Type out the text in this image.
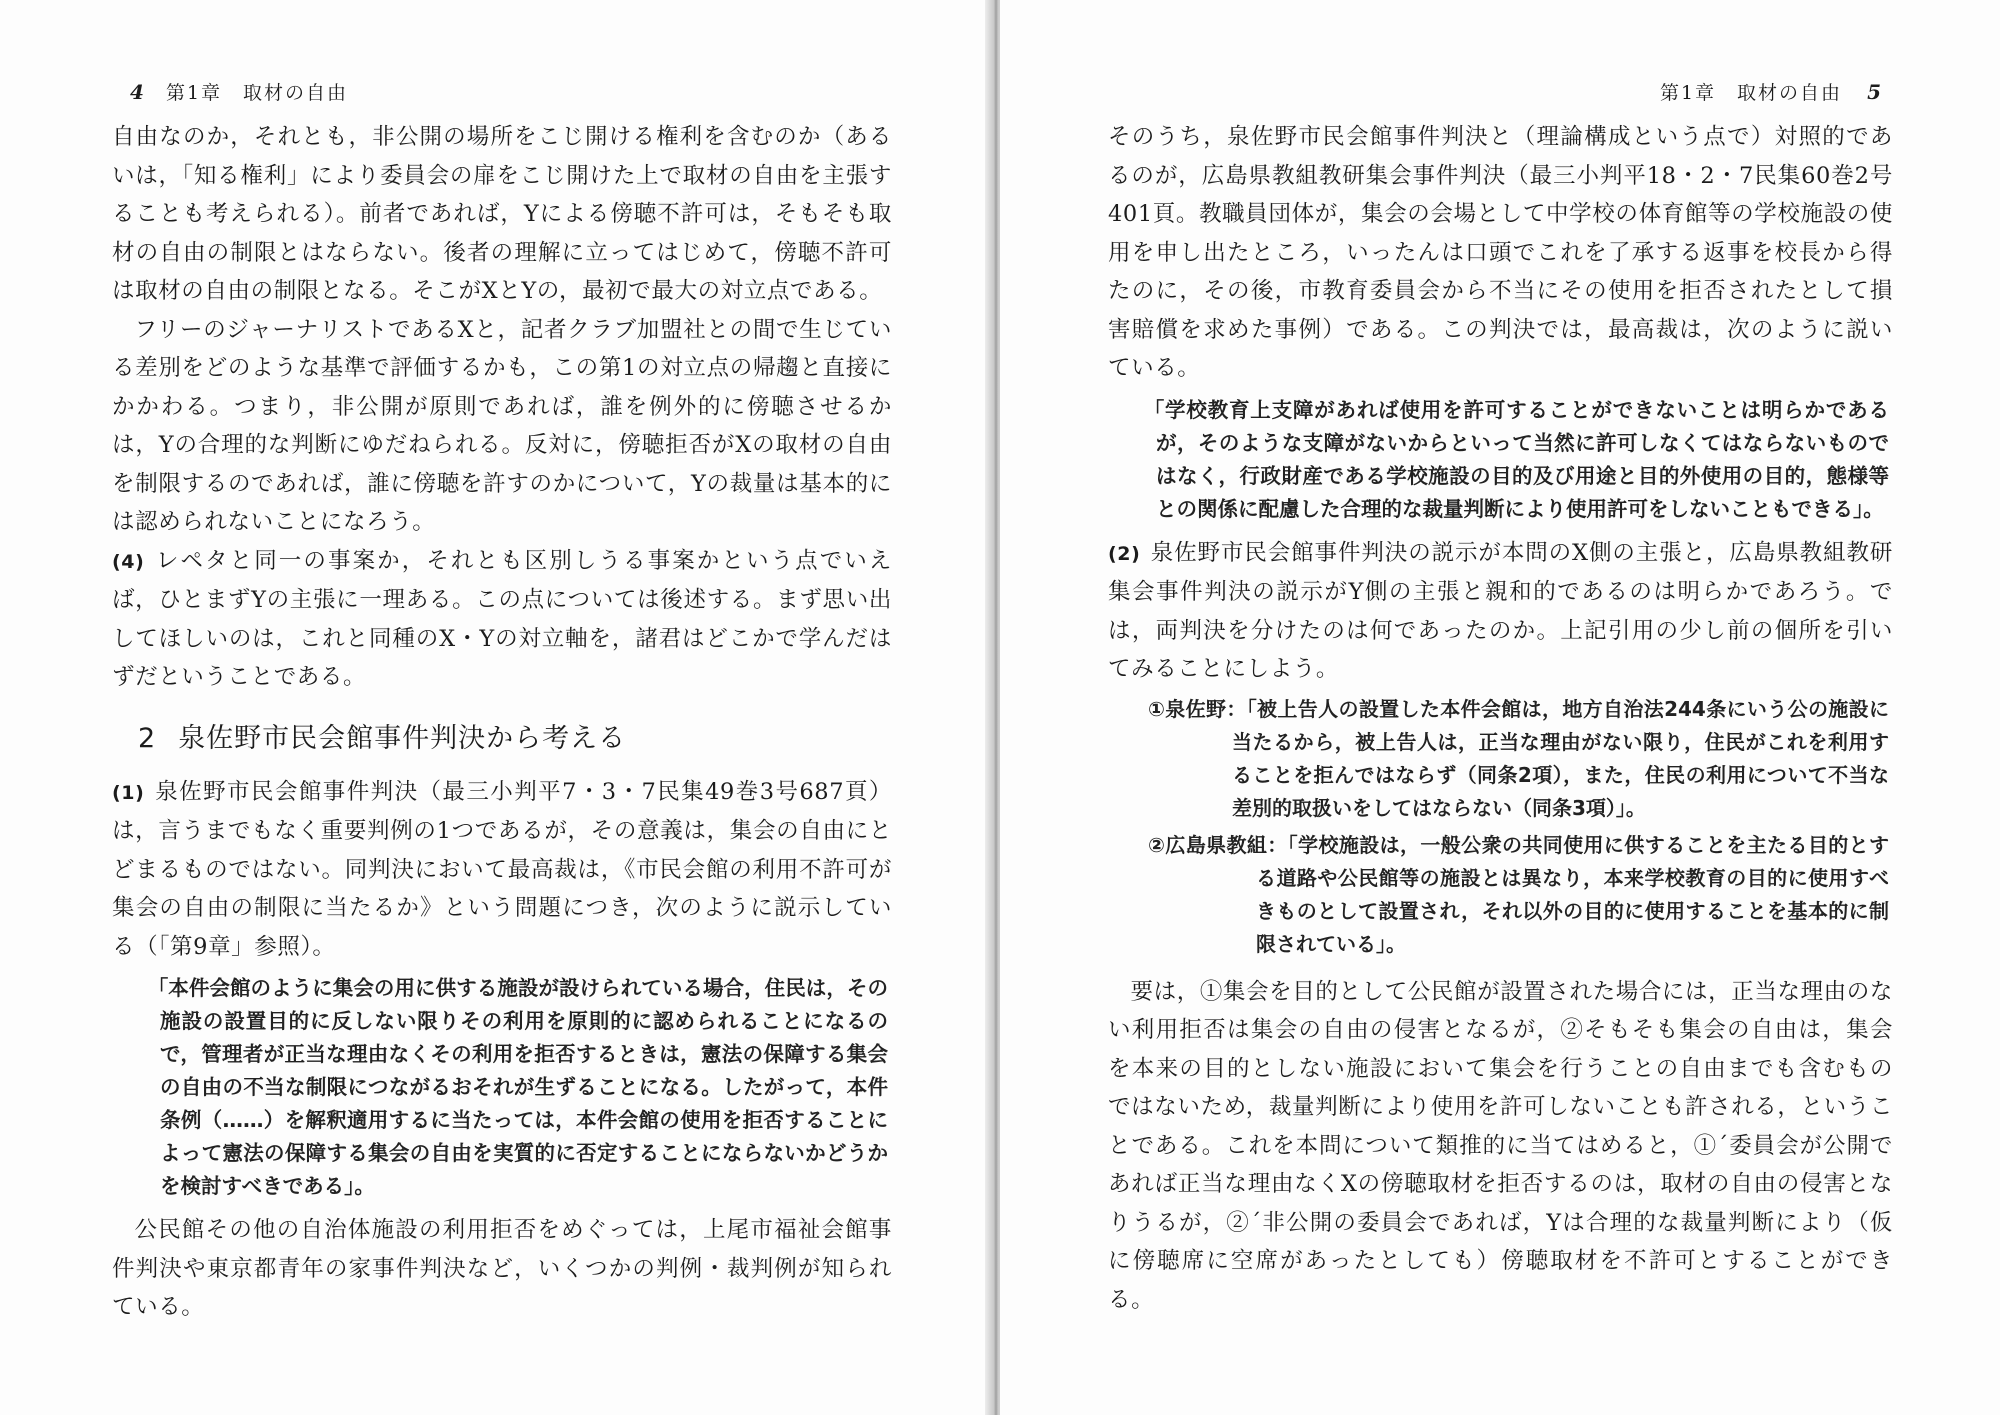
4 第1章　取材の自由

自由なのか，それとも，非公開の場所をこじ開ける権利を含むのか（あるいは，「知る権利」により委員会の扉をこじ開けた上で取材の自由を主張することも考えられる）。前者であれば，Yによる傍聴不許可は，そもそも取材の自由の制限とはならない。後者の理解に立ってはじめて，傍聴不許可は取材の自由の制限となる。そこがXとYの，最初で最大の対立点である。

フリーのジャーナリストであるXと，記者クラブ加盟社との間で生じている差別をどのような基準で評価するかも，この第1の対立点の帰趨と直接にかかわる。つまり，非公開が原則であれば，誰を例外的に傍聴させるかは，Yの合理的な判断にゆだねられる。反対に，傍聴拒否がXの取材の自由を制限するのであれば，誰に傍聴を許すのかについて，Yの裁量は基本的には認められないことになろう。

(4) レペタと同一の事案か，それとも区別しうる事案かという点でいえば，ひとまずYの主張に一理ある。この点については後述する。まず思い出してほしいのは，これと同種のX・Yの対立軸を，諸君はどこかで学んだはずだということである。

2 泉佐野市民会館事件判決から考える

(1) 泉佐野市民会館事件判決（最三小判平7・3・7民集49巻3号687頁）は，言うまでもなく重要判例の1つであるが，その意義は，集会の自由にとどまるものではない。同判決において最高裁は，《市民会館の利用不許可が集会の自由の制限に当たるか》という問題につき，次のように説示している（「第9章」参照）。

「本件会館のように集会の用に供する施設が設けられている場合，住民は，その施設の設置目的に反しない限りその利用を原則的に認められることになるので，管理者が正当な理由なくその利用を拒否するときは，憲法の保障する集会の自由の不当な制限につながるおそれが生ずることになる。したがって，本件条例（……）を解釈適用するに当たっては，本件会館の使用を拒否することによって憲法の保障する集会の自由を実質的に否定することにならないかどうかを検討すべきである」。

公民館その他の自治体施設の利用拒否をめぐっては，上尾市福祉会館事件判決や東京都青年の家事件判決など，いくつかの判例・裁判例が知られている。

第1章　取材の自由 5

そのうち，泉佐野市民会館事件判決と（理論構成という点で）対照的であるのが，広島県教組教研集会事件判決（最三小判平18・2・7民集60巻2号401頁。教職員団体が，集会の会場として中学校の体育館等の学校施設の使用を申し出たところ，いったんは口頭でこれを了承する返事を校長から得たのに，その後，市教育委員会から不当にその使用を拒否されたとして損害賠償を求めた事例）である。この判決では，最高裁は，次のように説いている。

「学校教育上支障があれば使用を許可することができないことは明らかであるが，そのような支障がないからといって当然に許可しなくてはならないものではなく，行政財産である学校施設の目的及び用途と目的外使用の目的，態様等との関係に配慮した合理的な裁量判断により使用許可をしないこともできる」。

(2) 泉佐野市民会館事件判決の説示が本問のX側の主張と，広島県教組教研集会事件判決の説示がY側の主張と親和的であるのは明らかであろう。では，両判決を分けたのは何であったのか。上記引用の少し前の個所を引いてみることにしよう。

①泉佐野：「被上告人の設置した本件会館は，地方自治法244条にいう公の施設に当たるから，被上告人は，正当な理由がない限り，住民がこれを利用することを拒んではならず（同条2項），また，住民の利用について不当な差別的取扱いをしてはならない（同条3項）」。
②広島県教組：「学校施設は，一般公衆の共同使用に供することを主たる目的とする道路や公民館等の施設とは異なり，本来学校教育の目的に使用すべきものとして設置され，それ以外の目的に使用することを基本的に制限されている」。

要は，①集会を目的として公民館が設置された場合には，正当な理由のない利用拒否は集会の自由の侵害となるが，②そもそも集会の自由は，集会を本来の目的としない施設において集会を行うことの自由までも含むものではないため，裁量判断により使用を許可しないことも許される，ということである。これを本問について類推的に当てはめると，①´委員会が公開であれば正当な理由なくXの傍聴取材を拒否するのは，取材の自由の侵害となりうるが，②´非公開の委員会であれば，Yは合理的な裁量判断により（仮に傍聴席に空席があったとしても）傍聴取材を不許可とすることができる。
